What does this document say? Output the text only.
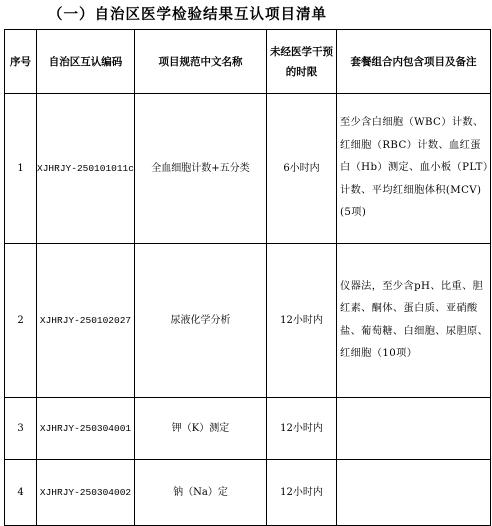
（一）自治区医学检验结果互认项目清单
序号	自治区互认编码	项目规范中文名称	未经医学干预的时限	套餐组合内包含项目及备注
1	XJHRJY-250101011c	全血细胞计数+五分类	6小时内	至少含白细胞（WBC）计数、红细胞（RBC）计数、血红蛋白（Hb）测定、血小板（PLT）计数、平均红细胞体积(MCV)(5项)
2	XJHRJY-250102027	尿液化学分析	12小时内	仪器法，至少含pH、比重、胆红素、酮体、蛋白质、亚硝酸盐、葡萄糖、白细胞、尿胆原、红细胞（10项）
3	XJHRJY-250304001	钾（K）测定	12小时内	
4	XJHRJY-250304002	钠（Na）定	12小时内	
